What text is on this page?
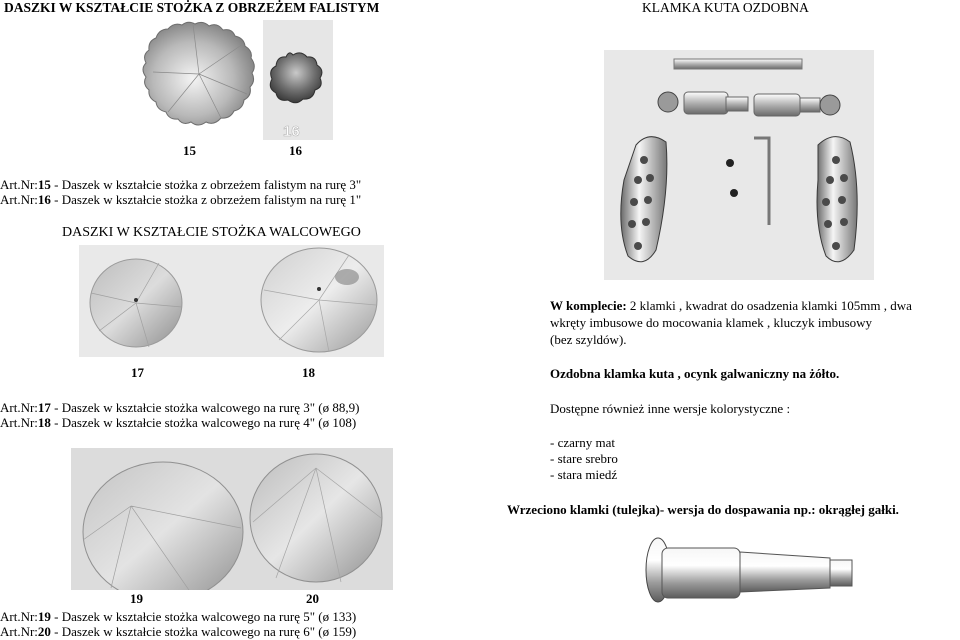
DASZKI W KSZTAŁCIE STOŻKA Z OBRZEŻEM FALISTYM
16
15	16
Art.Nr:15 - Daszek w kształcie stożka z obrzeżem falistym na rurę 3"
Art.Nr:16 - Daszek w kształcie stożka z obrzeżem falistym na rurę 1"
DASZKI W KSZTAŁCIE STOŻKA WALCOWEGO
17	18
Art.Nr:17 - Daszek w kształcie stożka walcowego na rurę 3" (ø 88,9)
Art.Nr:18 - Daszek w kształcie stożka walcowego na rurę 4" (ø 108)
19	20
Art.Nr:19 - Daszek w kształcie stożka walcowego na rurę 5" (ø 133)
Art.Nr:20 - Daszek w kształcie stożka walcowego na rurę 6" (ø 159)
KLAMKA KUTA OZDOBNA
W komplecie: 2 klamki , kwadrat do osadzenia klamki 105mm , dwa
wkręty imbusowe do mocowania klamek , kluczyk imbusowy
(bez szyldów).
Ozdobna klamka kuta , ocynk galwaniczny na żółto.
Dostępne również inne wersje kolorystyczne :
- czarny mat
- stare srebro
- stara miedź
Wrzeciono klamki (tulejka)- wersja do dospawania np.: okrągłej gałki.
